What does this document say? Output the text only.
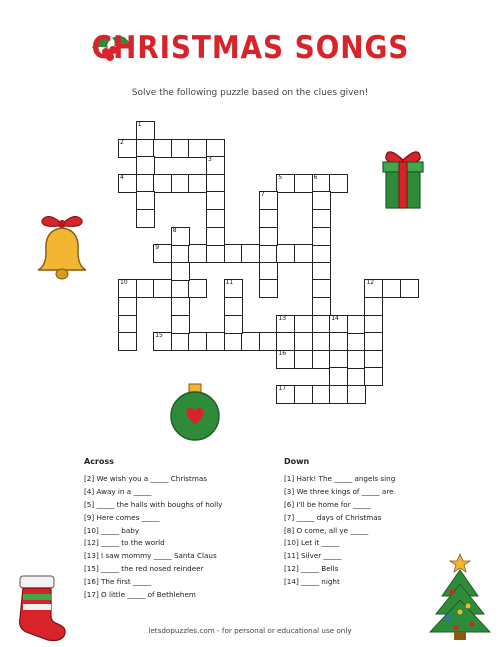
CHRISTMAS SONGS
Solve the following puzzle based on the clues given!
2
4	5	6
9
10	12
13	14
15
16
17
1
3
7
8
11
Across
[2] We wish you a _____ Christmas
[4] Away in a _____
[5] _____ the halls with boughs of holly
[9] Here comes _____
[10] _____ baby
[12] _____ to the world
[13] I saw mommy _____ Santa Claus
[15] _____ the red nosed reindeer
[16] The first _____
[17] O little _____ of Bethlehem
Down
[1] Hark! The _____ angels sing
[3] We three kings of _____ are
[6] I'll be home for _____
[7] _____ days of Christmas
[8] O come, all ye _____
[10] Let it _____
[11] Silver _____
[12] _____ Bells
[14] _____ night
letsdopuzzles.com - for personal or educational use only
